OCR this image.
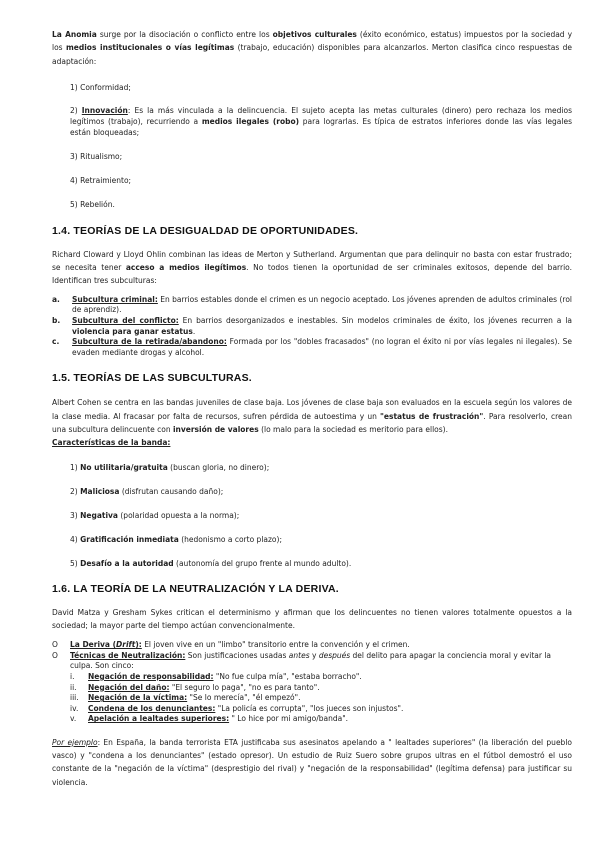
La Anomia surge por la disociación o conflicto entre los objetivos culturales (éxito económico, estatus) impuestos por la sociedad y los medios institucionales o vías legítimas (trabajo, educación) disponibles para alcanzarlos. Merton clasifica cinco respuestas de adaptación:

1) Conformidad;

2) Innovación: Es la más vinculada a la delincuencia. El sujeto acepta las metas culturales (dinero) pero rechaza los medios legítimos (trabajo), recurriendo a medios ilegales (robo) para lograrlas. Es típica de estratos inferiores donde las vías legales están bloqueadas;

3) Ritualismo;

4) Retraimiento;

5) Rebelión.

1.4. TEORÍAS DE LA DESIGUALDAD DE OPORTUNIDADES.

Richard Cloward y Lloyd Ohlin combinan las ideas de Merton y Sutherland. Argumentan que para delinquir no basta con estar frustrado; se necesita tener acceso a medios ilegítimos. No todos tienen la oportunidad de ser criminales exitosos, depende del barrio. Identifican tres subculturas:

a.	Subcultura criminal: En barrios estables donde el crimen es un negocio aceptado. Los jóvenes aprenden de adultos criminales (rol de aprendiz).
b.	Subcultura del conflicto: En barrios desorganizados e inestables. Sin modelos criminales de éxito, los jóvenes recurren a la violencia para ganar estatus.
c.	Subcultura de la retirada/abandono: Formada por los "dobles fracasados" (no logran el éxito ni por vías legales ni ilegales). Se evaden mediante drogas y alcohol.

1.5. TEORÍAS DE LAS SUBCULTURAS.

Albert Cohen se centra en las bandas juveniles de clase baja. Los jóvenes de clase baja son evaluados en la escuela según los valores de la clase media. Al fracasar por falta de recursos, sufren pérdida de autoestima y un "estatus de frustración". Para resolverlo, crean una subcultura delincuente con inversión de valores (lo malo para la sociedad es meritorio para ellos).

Características de la banda:

1) No utilitaria/gratuita (buscan gloria, no dinero);

2) Maliciosa (disfrutan causando daño);

3) Negativa (polaridad opuesta a la norma);

4) Gratificación inmediata (hedonismo a corto plazo);

5) Desafío a la autoridad (autonomía del grupo frente al mundo adulto).

1.6. LA TEORÍA DE LA NEUTRALIZACIÓN Y LA DERIVA.

David Matza y Gresham Sykes critican el determinismo y afirman que los delincuentes no tienen valores totalmente opuestos a la sociedad; la mayor parte del tiempo actúan convencionalmente.

O	La Deriva (Drift): El joven vive en un "limbo" transitorio entre la convención y el crimen.
O	Técnicas de Neutralización: Son justificaciones usadas antes y después del delito para apagar la conciencia moral y evitar la culpa. Son cinco:
i.	Negación de responsabilidad: "No fue culpa mía", "estaba borracho".
ii.	Negación del daño: "El seguro lo paga", "no es para tanto".
iii.	Negación de la víctima: "Se lo merecía", "él empezó".
iv.	Condena de los denunciantes: "La policía es corrupta", "los jueces son injustos".
v.	Apelación a lealtades superiores: " Lo hice por mi amigo/banda".

Por ejemplo: En España, la banda terrorista ETA justificaba sus asesinatos apelando a " lealtades superiores" (la liberación del pueblo vasco) y "condena a los denunciantes" (estado opresor). Un estudio de Ruiz Suero sobre grupos ultras en el fútbol demostró el uso constante de la "negación de la víctima" (desprestigio del rival) y "negación de la responsabilidad" (legítima defensa) para justificar su violencia.
